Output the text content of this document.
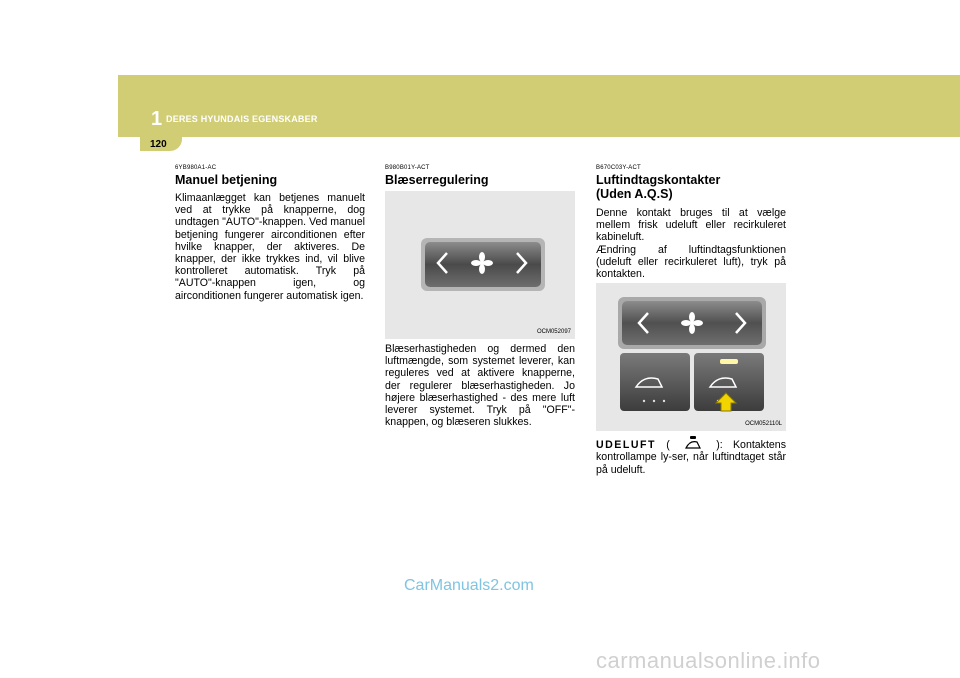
1 DERES HYUNDAIS EGENSKABER
120
6YB980A1-AC
Manuel betjening
Klimaanlægget kan betjenes manuelt ved at trykke på knapperne, dog undtagen "AUTO"-knappen. Ved manuel betjening fungerer airconditionen efter hvilke knapper, der aktiveres. De knapper, der ikke trykkes ind, vil blive kontrolleret automatisk. Tryk på "AUTO"-knappen igen, og airconditionen fungerer automatisk igen.
B980B01Y-ACT
Blæserregulering
OCM052097
Blæserhastigheden og dermed den luftmængde, som systemet leverer, kan reguleres ved at aktivere knapperne, der regulerer blæserhastigheden. Jo højere blæserhastighed - des mere luft leverer systemet. Tryk på "OFF"-knappen, og blæseren slukkes.
B670C03Y-ACT
Luftindtagskontakter
(Uden A.Q.S)
Denne kontakt bruges til at vælge mellem frisk udeluft eller recirkuleret kabineluft.
Ændring af luftindtagsfunktionen (udeluft eller recirkuleret luft), tryk på kontakten.
OCM052110L
UDELUFT (	): Kontaktens kontrollampe ly-ser, når luftindtaget står på udeluft.
CarManuals2.com
carmanualsonline.info
